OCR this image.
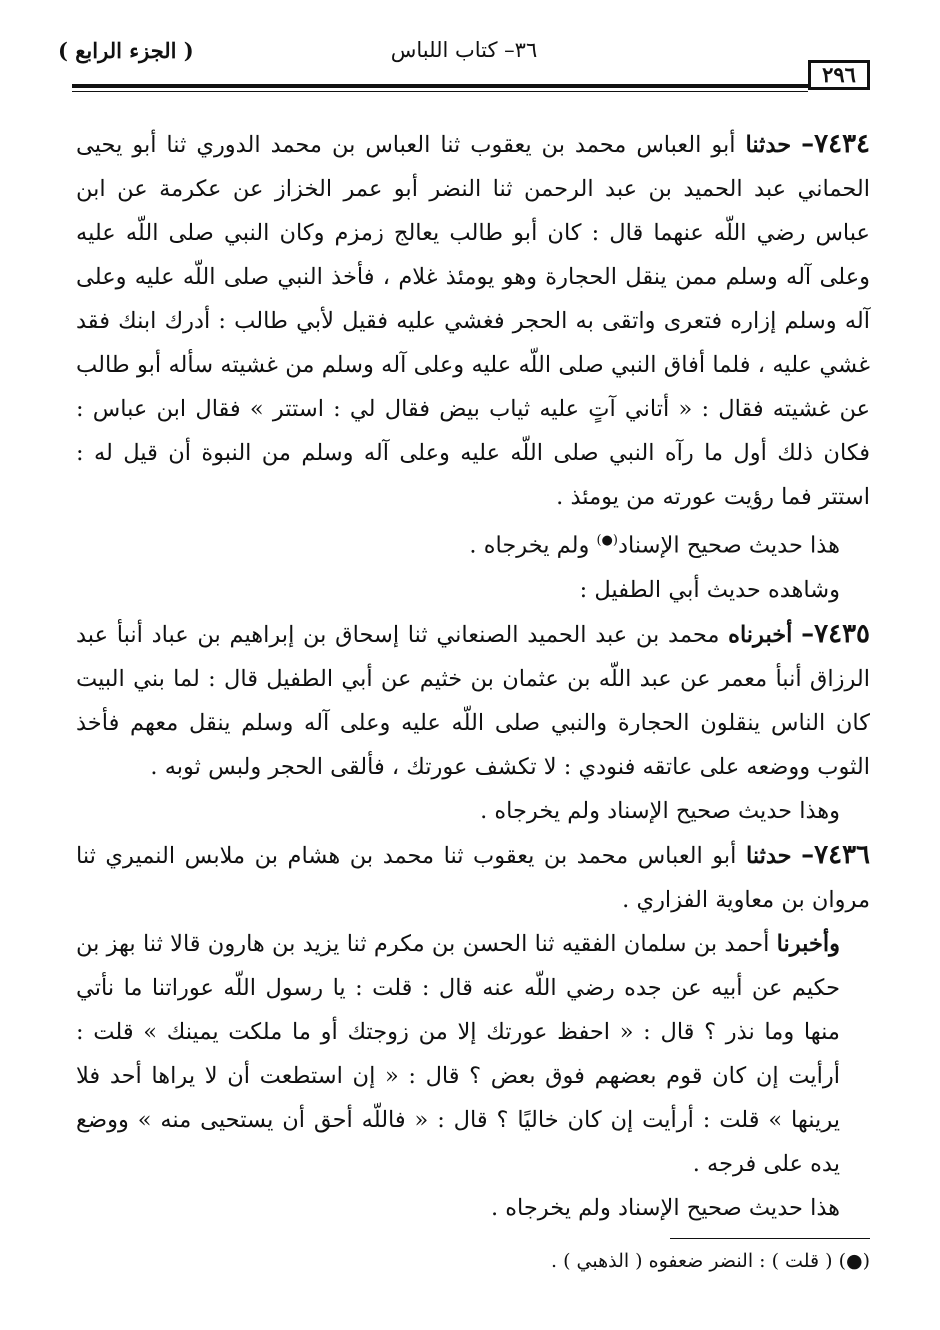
( الجزء الرابع )	٣٦– كتاب اللباس
٢٩٦

٧٤٣٤– حدثنا أبو العباس محمد بن يعقوب ثنا العباس بن محمد الدوري ثنا أبو يحيى الحماني عبد الحميد بن عبد الرحمن ثنا النضر أبو عمر الخزاز عن عكرمة عن ابن عباس رضي اللّه عنهما قال : كان أبو طالب يعالج زمزم وكان النبي صلى اللّه عليه وعلى آله وسلم ممن ينقل الحجارة وهو يومئذ غلام ، فأخذ النبي صلى اللّه عليه وعلى آله وسلم إزاره فتعرى واتقى به الحجر فغشي عليه فقيل لأبي طالب : أدرك ابنك فقد غشي عليه ، فلما أفاق النبي صلى اللّه عليه وعلى آله وسلم من غشيته سأله أبو طالب عن غشيته فقال : « أتاني آتٍ عليه ثياب بيض فقال لي : استتر » فقال ابن عباس : فكان ذلك أول ما رآه النبي صلى اللّه عليه وعلى آله وسلم من النبوة أن قيل له : استتر فما رؤيت عورته من يومئذ .

هذا حديث صحيح الإسناد(●) ولم يخرجاه .

وشاهده حديث أبي الطفيل :

٧٤٣٥– أخبرناه محمد بن عبد الحميد الصنعاني ثنا إسحاق بن إبراهيم بن عباد أنبأ عبد الرزاق أنبأ معمر عن عبد اللّه بن عثمان بن خثيم عن أبي الطفيل قال : لما بني البيت كان الناس ينقلون الحجارة والنبي صلى اللّه عليه وعلى آله وسلم ينقل معهم فأخذ الثوب ووضعه على عاتقه فنودي : لا تكشف عورتك ، فألقى الحجر ولبس ثوبه .

وهذا حديث صحيح الإسناد ولم يخرجاه .

٧٤٣٦– حدثنا أبو العباس محمد بن يعقوب ثنا محمد بن هشام بن ملابس النميري ثنا مروان بن معاوية الفزاري .

وأخبرنا أحمد بن سلمان الفقيه ثنا الحسن بن مكرم ثنا يزيد بن هارون قالا ثنا بهز بن حكيم عن أبيه عن جده رضي اللّه عنه قال : قلت : يا رسول اللّه عوراتنا ما نأتي منها وما نذر ؟ قال : « احفظ عورتك إلا من زوجتك أو ما ملكت يمينك » قلت : أرأيت إن كان قوم بعضهم فوق بعض ؟ قال : « إن استطعت أن لا يراها أحد فلا يرينها » قلت : أرأيت إن كان خاليًا ؟ قال : « فاللّه أحق أن يستحيى منه » ووضع يده على فرجه .

هذا حديث صحيح الإسناد ولم يخرجاه .

(●) ( قلت ) : النضر ضعفوه ( الذهبي ) .
